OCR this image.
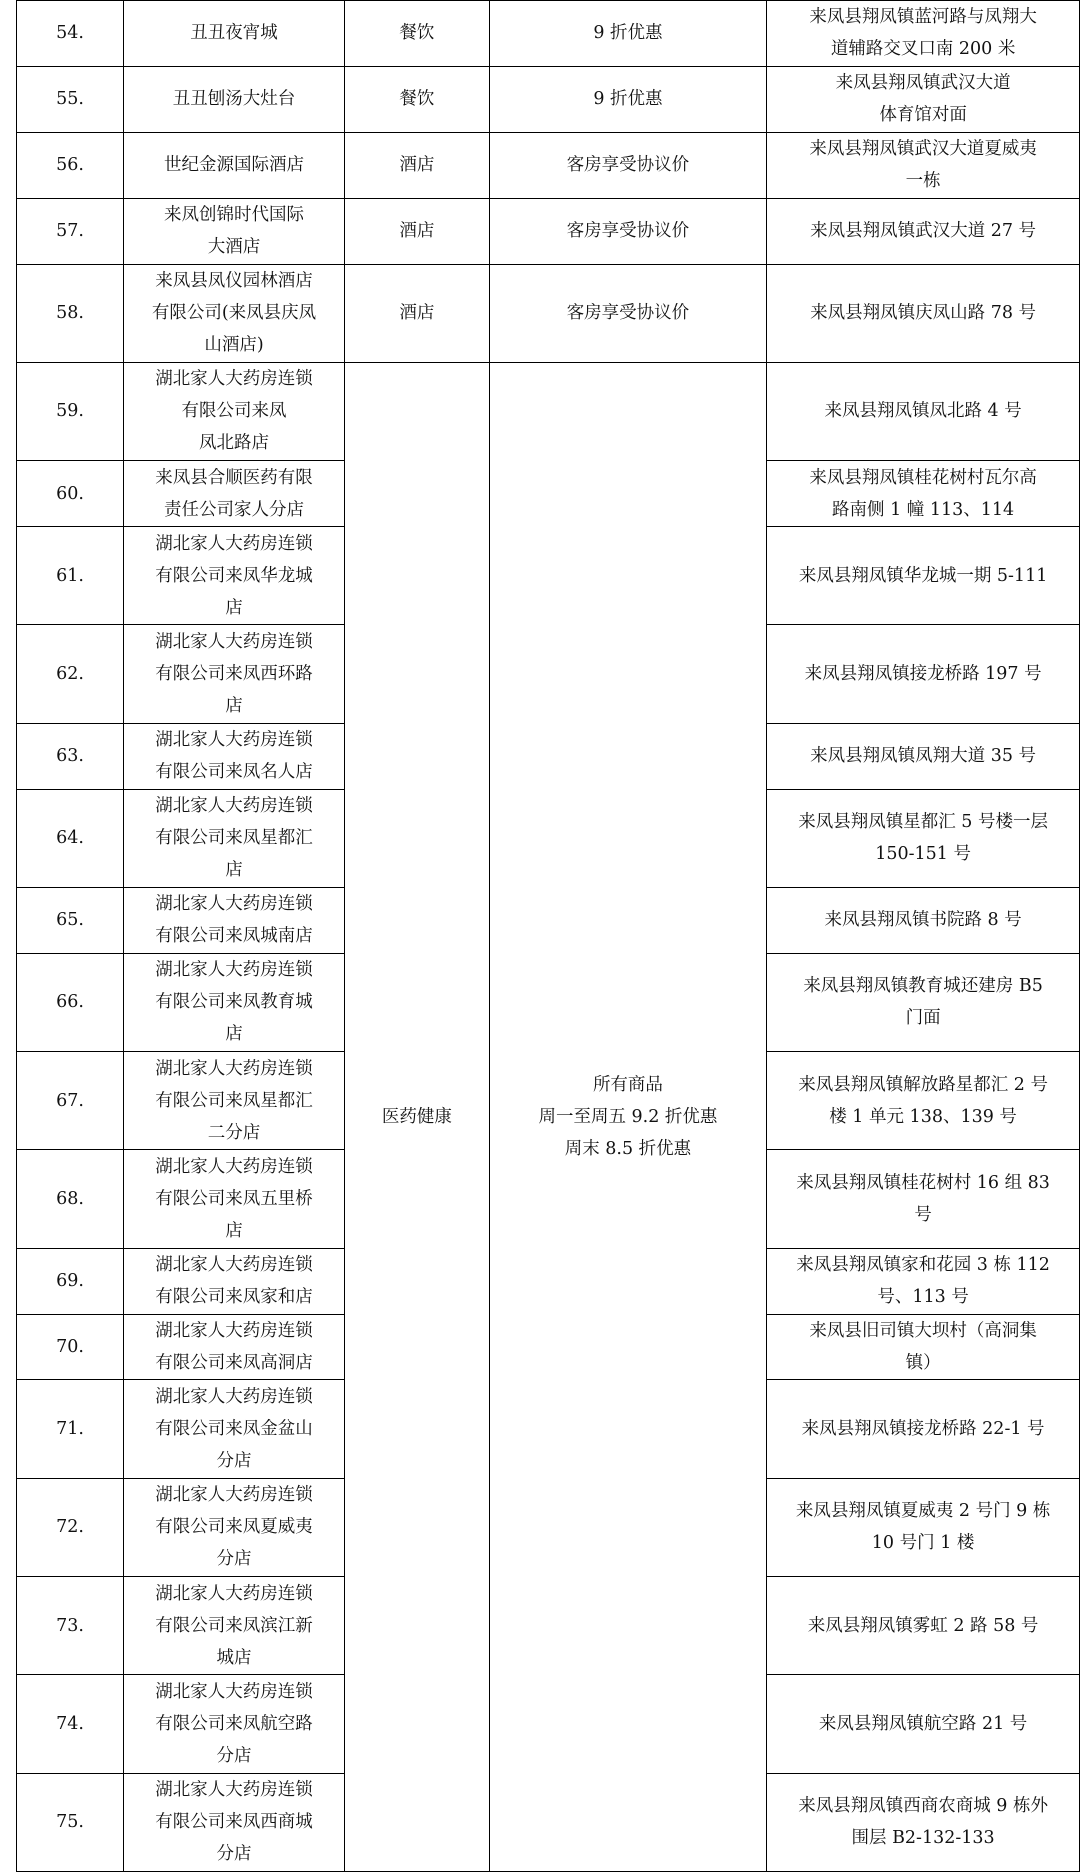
54.	丑丑夜宵城	餐饮	9 折优惠	来凤县翔凤镇蓝河路与凤翔大
道辅路交叉口南 200 米

55.	丑丑刨汤大灶台	餐饮	9 折优惠	来凤县翔凤镇武汉大道
体育馆对面

56.	世纪金源国际酒店	酒店	客房享受协议价	来凤县翔凤镇武汉大道夏威夷
一栋

57.	来凤创锦时代国际
大酒店	酒店	客房享受协议价	来凤县翔凤镇武汉大道 27 号

58.	来凤县凤仪园林酒店
有限公司(来凤县庆凤
山酒店)	酒店	客房享受协议价	来凤县翔凤镇庆凤山路 78 号

59.	湖北家人大药房连锁
有限公司来凤
凤北路店	医药健康	所有商品
周一至周五 9.2 折优惠
周末 8.5 折优惠	来凤县翔凤镇凤北路 4 号

60.	来凤县合顺医药有限
责任公司家人分店			来凤县翔凤镇桂花树村瓦尔高
路南侧 1 幢 113、114

61.	湖北家人大药房连锁
有限公司来凤华龙城
店			来凤县翔凤镇华龙城一期 5-111

62.	湖北家人大药房连锁
有限公司来凤西环路
店			来凤县翔凤镇接龙桥路 197 号

63.	湖北家人大药房连锁
有限公司来凤名人店			来凤县翔凤镇凤翔大道 35 号

64.	湖北家人大药房连锁
有限公司来凤星都汇
店			来凤县翔凤镇星都汇 5 号楼一层
150-151 号

65.	湖北家人大药房连锁
有限公司来凤城南店			来凤县翔凤镇书院路 8 号

66.	湖北家人大药房连锁
有限公司来凤教育城
店			来凤县翔凤镇教育城还建房 B5
门面

67.	湖北家人大药房连锁
有限公司来凤星都汇
二分店			来凤县翔凤镇解放路星都汇 2 号
楼 1 单元 138、139 号

68.	湖北家人大药房连锁
有限公司来凤五里桥
店			来凤县翔凤镇桂花树村 16 组 83
号

69.	湖北家人大药房连锁
有限公司来凤家和店			来凤县翔凤镇家和花园 3 栋 112
号、113 号

70.	湖北家人大药房连锁
有限公司来凤高洞店			来凤县旧司镇大坝村（高洞集
镇）

71.	湖北家人大药房连锁
有限公司来凤金盆山
分店			来凤县翔凤镇接龙桥路 22-1 号

72.	湖北家人大药房连锁
有限公司来凤夏威夷
分店			来凤县翔凤镇夏威夷 2 号门 9 栋
10 号门 1 楼

73.	湖北家人大药房连锁
有限公司来凤滨江新
城店			来凤县翔凤镇雾虹 2 路 58 号

74.	湖北家人大药房连锁
有限公司来凤航空路
分店			来凤县翔凤镇航空路 21 号

75.	湖北家人大药房连锁
有限公司来凤西商城
分店			来凤县翔凤镇西商农商城 9 栋外
围层 B2-132-133
